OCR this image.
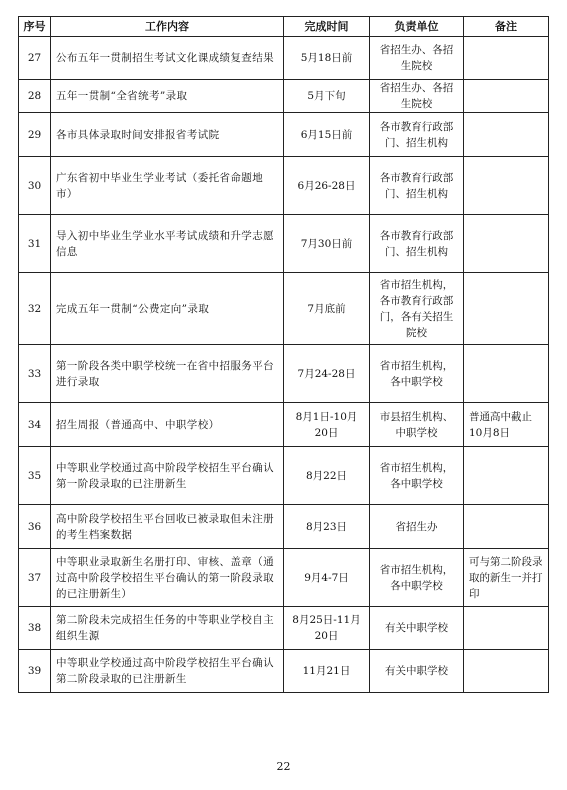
序号	工作内容	完成时间	负责单位	备注
27	公布五年一贯制招生考试文化课成绩复查结果	5月18日前	省招生办、各招生院校	
28	五年一贯制“全省统考”录取	5月下旬	省招生办、各招生院校	
29	各市具体录取时间安排报省考试院	6月15日前	各市教育行政部门、招生机构	
30	广东省初中毕业生学业考试（委托省命题地市）	6月26-28日	各市教育行政部门、招生机构	
31	导入初中毕业生学业水平考试成绩和升学志愿信息	7月30日前	各市教育行政部门、招生机构	
32	完成五年一贯制“公费定向”录取	7月底前	省市招生机构，各市教育行政部门，各有关招生院校	
33	第一阶段各类中职学校统一在省中招服务平台进行录取	7月24-28日	省市招生机构，各中职学校	
34	招生周报（普通高中、中职学校）	8月1日-10月20日	市县招生机构、中职学校	普通高中截止10月8日
35	中等职业学校通过高中阶段学校招生平台确认第一阶段录取的已注册新生	8月22日	省市招生机构，各中职学校	
36	高中阶段学校招生平台回收已被录取但未注册的考生档案数据	8月23日	省招生办	
37	中等职业录取新生名册打印、审核、盖章（通过高中阶段学校招生平台确认的第一阶段录取的已注册新生）	9月4-7日	省市招生机构，各中职学校	可与第二阶段录取的新生一并打印
38	第二阶段未完成招生任务的中等职业学校自主组织生源	8月25日-11月20日	有关中职学校	
39	中等职业学校通过高中阶段学校招生平台确认第二阶段录取的已注册新生	11月21日	有关中职学校	
22
